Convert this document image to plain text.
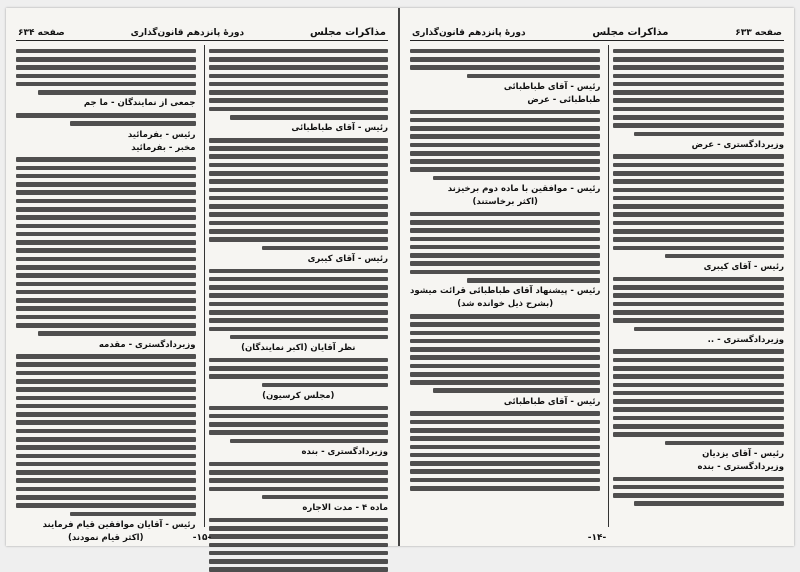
مذاکرات مجلس
دورهٔ پانزدهم قانون‌گذاری
صفحه ۶۳۴
رئیس - آقای طباطبائی
رئیس - آقای کیبری
نظر آقایان (اکبر نمایندگان)
(مجلس کرسیون)
وزیردادگستری - بنده
ماده ۴ - مدت الاجاره
جمعی از نمایندگان - ما جم
رئیس - بفرمائید
مخبر - بفرمائید
وزیردادگستری - مقدمه
رئیس - آقایان موافقین قیام فرمایند
(اکثر قیام نمودند)	-۱۵-
صفحه ۶۳۳
مذاکرات مجلس
دورهٔ پانزدهم قانون‌گذاری
وزیردادگستری - عرض
رئیس - آقای کیبری
وزیردادگستری - ..
رئیس - آقای یزدیان
وزیردادگستری - بنده
رئیس - آقای طباطبائی
طباطبائی - عرض
رئیس - موافقین با ماده دوم برخیزند
(اکثر برخاستند)
رئیس - پیشنهاد آقای طباطبائی قرائت میشود
(بشرح ذیل خوانده شد)
رئیس - آقای طباطبائی
-۱۴-
